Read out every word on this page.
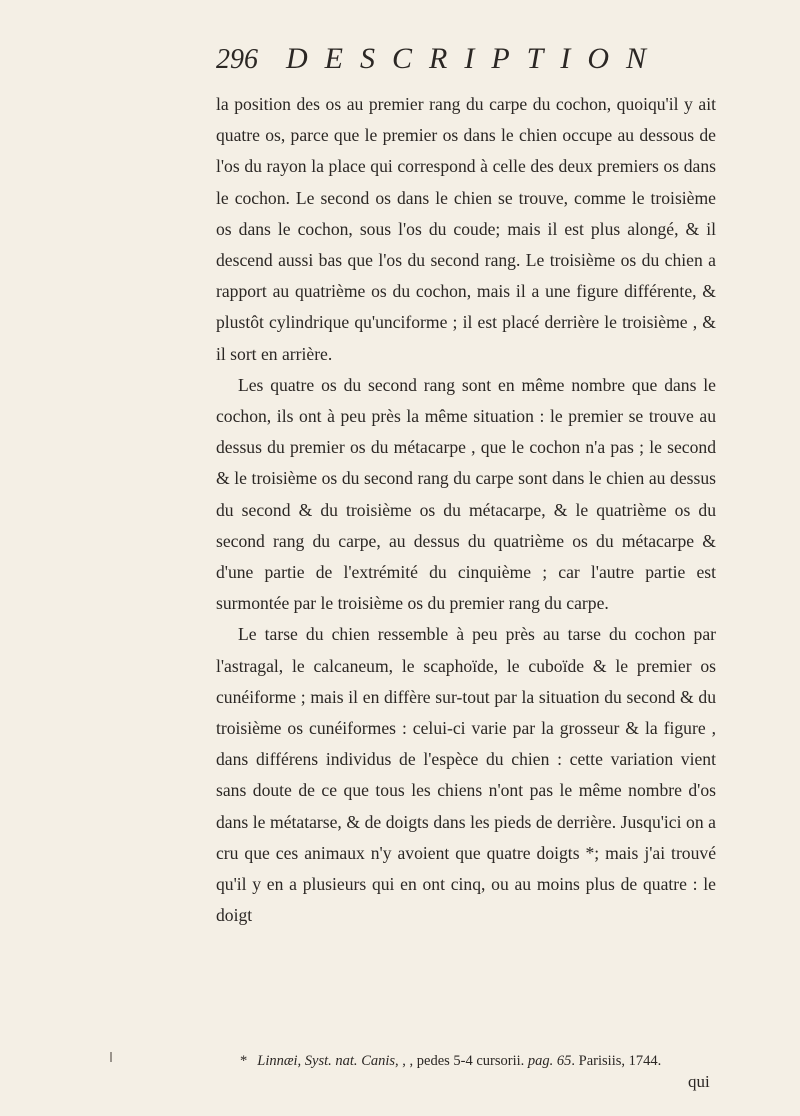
296 DESCRIPTION

la position des os au premier rang du carpe du cochon, quoiqu'il y ait quatre os, parce que le premier os dans le chien occupe au dessous de l'os du rayon la place qui correspond à celle des deux premiers os dans le cochon. Le second os dans le chien se trouve, comme le troisième os dans le cochon, sous l'os du coude; mais il est plus alongé, & il descend aussi bas que l'os du second rang. Le troisième os du chien a rapport au quatrième os du cochon, mais il a une figure différente, & plustôt cylindrique qu'unciforme ; il est placé derrière le troisième , & il sort en arrière.

Les quatre os du second rang sont en même nombre que dans le cochon, ils ont à peu près la même situation : le premier se trouve au dessus du premier os du métacarpe , que le cochon n'a pas ; le second & le troisième os du second rang du carpe sont dans le chien au dessus du second & du troisième os du métacarpe, & le quatrième os du second rang du carpe, au dessus du quatrième os du métacarpe & d'une partie de l'extrémité du cinquième ; car l'autre partie est surmontée par le troisième os du premier rang du carpe.

Le tarse du chien ressemble à peu près au tarse du cochon par l'astragal, le calcaneum, le scaphoïde, le cuboïde & le premier os cunéiforme ; mais il en diffère sur-tout par la situation du second & du troisième os cunéiformes : celui-ci varie par la grosseur & la figure , dans différens individus de l'espèce du chien : cette variation vient sans doute de ce que tous les chiens n'ont pas le même nombre d'os dans le métatarse, & de doigts dans les pieds de derrière. Jusqu'ici on a cru que ces animaux n'y avoient que quatre doigts *; mais j'ai trouvé qu'il y en a plusieurs qui en ont cinq, ou au moins plus de quatre : le doigt

* Linnæi, Syst. nat. Canis, , , pedes 5-4 cursorii. pag. 65. Parisiis, 1744.
qui
